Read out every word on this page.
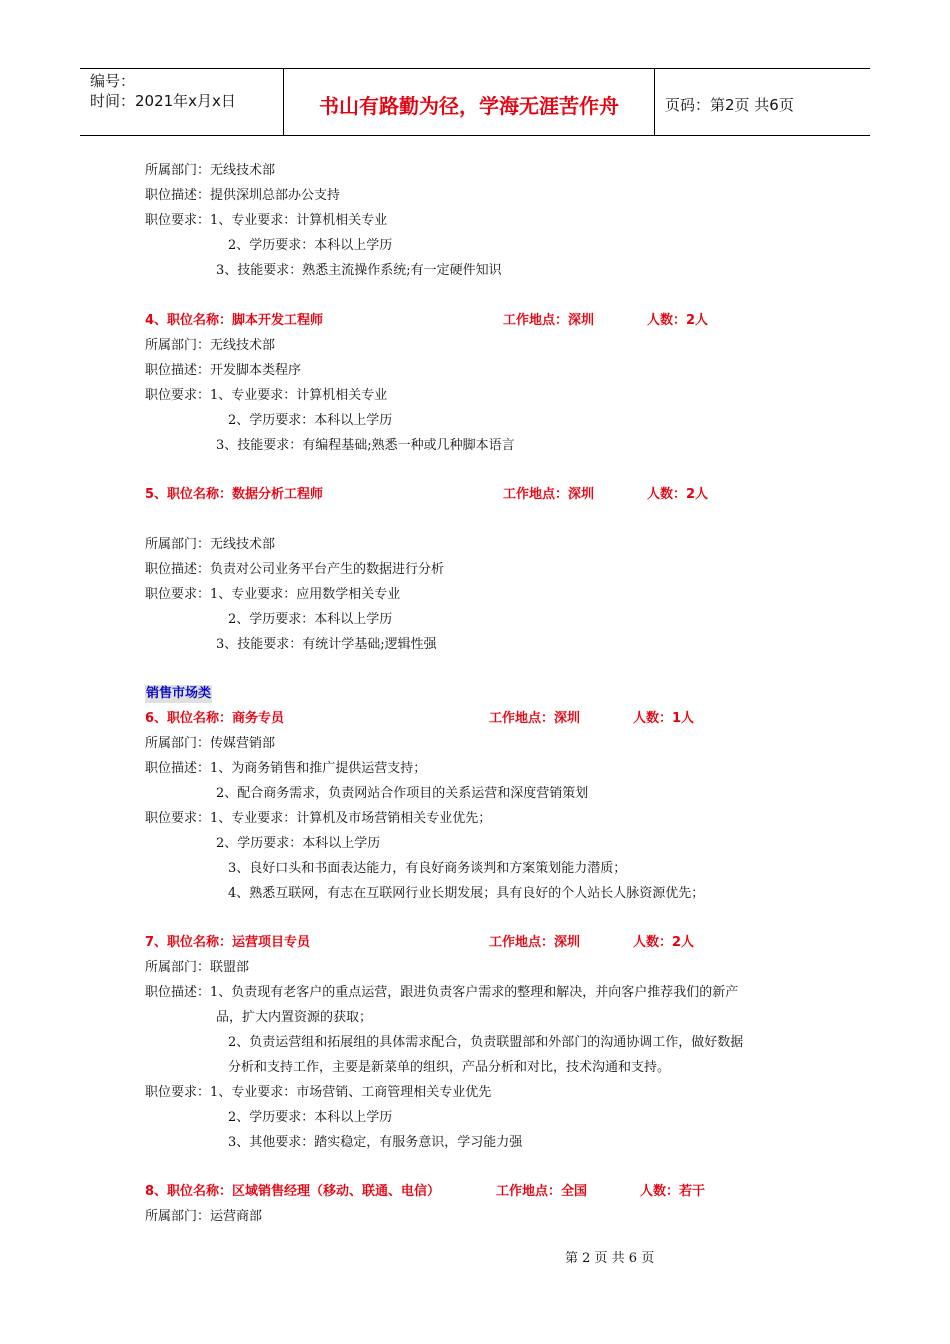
编号：
时间：2021年x月x日	书山有路勤为径，学海无涯苦作舟	页码：第2页 共6页
所属部门：无线技术部
职位描述：提供深圳总部办公支持
职位要求：1、专业要求：计算机相关专业
2、学历要求：本科以上学历
3、技能要求：熟悉主流操作系统;有一定硬件知识
4、职位名称：脚本开发工程师	工作地点：深圳	人数：2人
所属部门：无线技术部
职位描述：开发脚本类程序
职位要求：1、专业要求：计算机相关专业
2、学历要求：本科以上学历
3、技能要求：有编程基础;熟悉一种或几种脚本语言
5、职位名称：数据分析工程师	工作地点：深圳	人数：2人
所属部门：无线技术部
职位描述：负责对公司业务平台产生的数据进行分析
职位要求：1、专业要求：应用数学相关专业
2、学历要求：本科以上学历
3、技能要求：有统计学基础;逻辑性强
销售市场类
6、职位名称：商务专员	工作地点：深圳	人数：1人
所属部门：传媒营销部
职位描述：1、为商务销售和推广提供运营支持；
2、配合商务需求，负责网站合作项目的关系运营和深度营销策划
职位要求：1、专业要求：计算机及市场营销相关专业优先；
2、学历要求：本科以上学历
3、良好口头和书面表达能力，有良好商务谈判和方案策划能力潜质；
4、熟悉互联网，有志在互联网行业长期发展；具有良好的个人站长人脉资源优先；
7、职位名称：运营项目专员	工作地点：深圳	人数：2人
所属部门：联盟部
职位描述：1、负责现有老客户的重点运营，跟进负责客户需求的整理和解决，并向客户推荐我们的新产
品，扩大内置资源的获取；
2、负责运营组和拓展组的具体需求配合，负责联盟部和外部门的沟通协调工作，做好数据
分析和支持工作，主要是新菜单的组织，产品分析和对比，技术沟通和支持。
职位要求：1、专业要求：市场营销、工商管理相关专业优先
2、学历要求：本科以上学历
3、其他要求：踏实稳定，有服务意识，学习能力强
8、职位名称：区域销售经理（移动、联通、电信）	工作地点：全国	人数：若干
所属部门：运营商部
第 2 页 共 6 页
